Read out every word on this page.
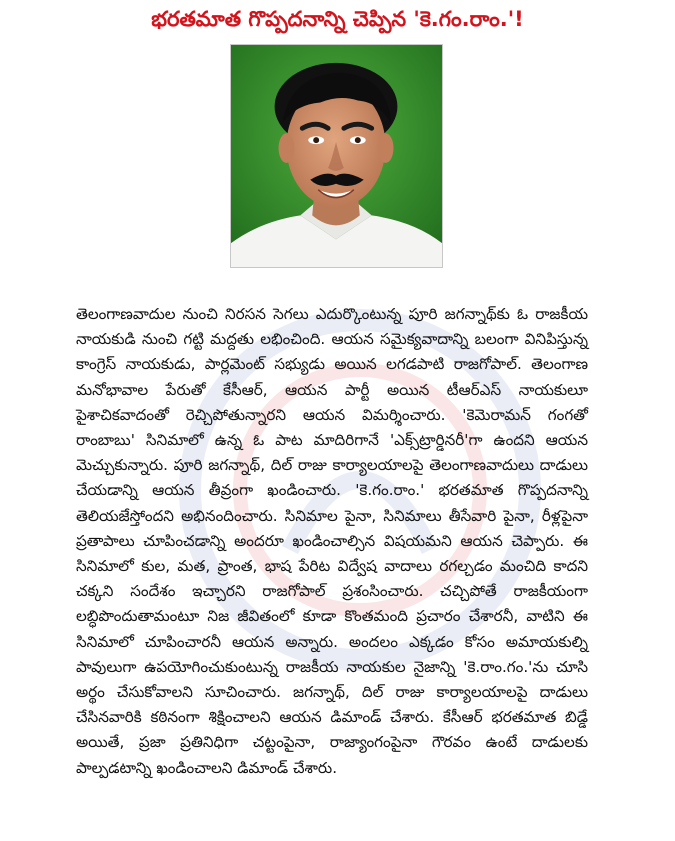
భరతమాత గొప్పదనాన్ని చెప్పిన 'కె.గం.రాం.'!

తెలంగాణవాదుల నుంచి నిరసన సెగలు ఎదుర్కొంటున్న పూరి జగన్నాథ్‌కు ఓ రాజకీయ నాయకుడి నుంచి గట్టి మద్దతు లభించింది. ఆయన సమైక్యవాదాన్ని బలంగా వినిపిస్తున్న కాంగ్రెస్ నాయకుడు, పార్లమెంట్ సభ్యుడు అయిన లగడపాటి రాజగోపాల్. తెలంగాణ మనోభావాల పేరుతో కేసీఆర్, ఆయన పార్టీ అయిన టీఆర్ఎస్ నాయకులూ పైశాచికవాదంతో రెచ్చిపోతున్నారని ఆయన విమర్శించారు. 'కెమెరామన్ గంగతో రాంబాబు' సినిమాలో ఉన్న ఓ పాట మాదిరిగానే 'ఎక్స్‌ట్రార్డినరీ'గా ఉందని ఆయన మెచ్చుకున్నారు. పూరి జగన్నాథ్, దిల్ రాజు కార్యాలయాలపై తెలంగాణవాదులు దాడులు చేయడాన్ని ఆయన తీవ్రంగా ఖండించారు. 'కె.గం.రాం.' భరతమాత గొప్పదనాన్ని తెలియజేస్తోందని అభినందించారు. సినిమాల పైనా, సినిమాలు తీసేవారి పైనా, రీళ్లపైనా ప్రతాపాలు చూపించడాన్ని అందరూ ఖండించాల్సిన విషయమని ఆయన చెప్పారు. ఈ సినిమాలో కుల, మత, ప్రాంత, భాష పేరిట విద్వేష వాదాలు రగల్చడం మంచిది కాదని చక్కని సందేశం ఇచ్చారని రాజగోపాల్ ప్రశంసించారు. చచ్చిపోతే రాజకీయంగా లబ్ధిపొందుతామంటూ నిజ జీవితంలో కూడా కొంతమంది ప్రచారం చేశారనీ, వాటిని ఈ సినిమాలో చూపించారనీ ఆయన అన్నారు. అందలం ఎక్కడం కోసం అమాయకుల్ని పావులుగా ఉపయోగించుకుంటున్న రాజకీయ నాయకుల నైజాన్ని 'కె.రాం.గం.'ను చూసి అర్థం చేసుకోవాలని సూచించారు. జగన్నాథ్, దిల్ రాజు కార్యాలయాలపై దాడులు చేసినవారికి కఠినంగా శిక్షించాలని ఆయన డిమాండ్ చేశారు. కేసీఆర్ భరతమాత బిడ్డే అయితే, ప్రజా ప్రతినిధిగా చట్టంపైనా, రాజ్యాంగంపైనా గౌరవం ఉంటే దాడులకు పాల్పడటాన్ని ఖండించాలని డిమాండ్ చేశారు.
